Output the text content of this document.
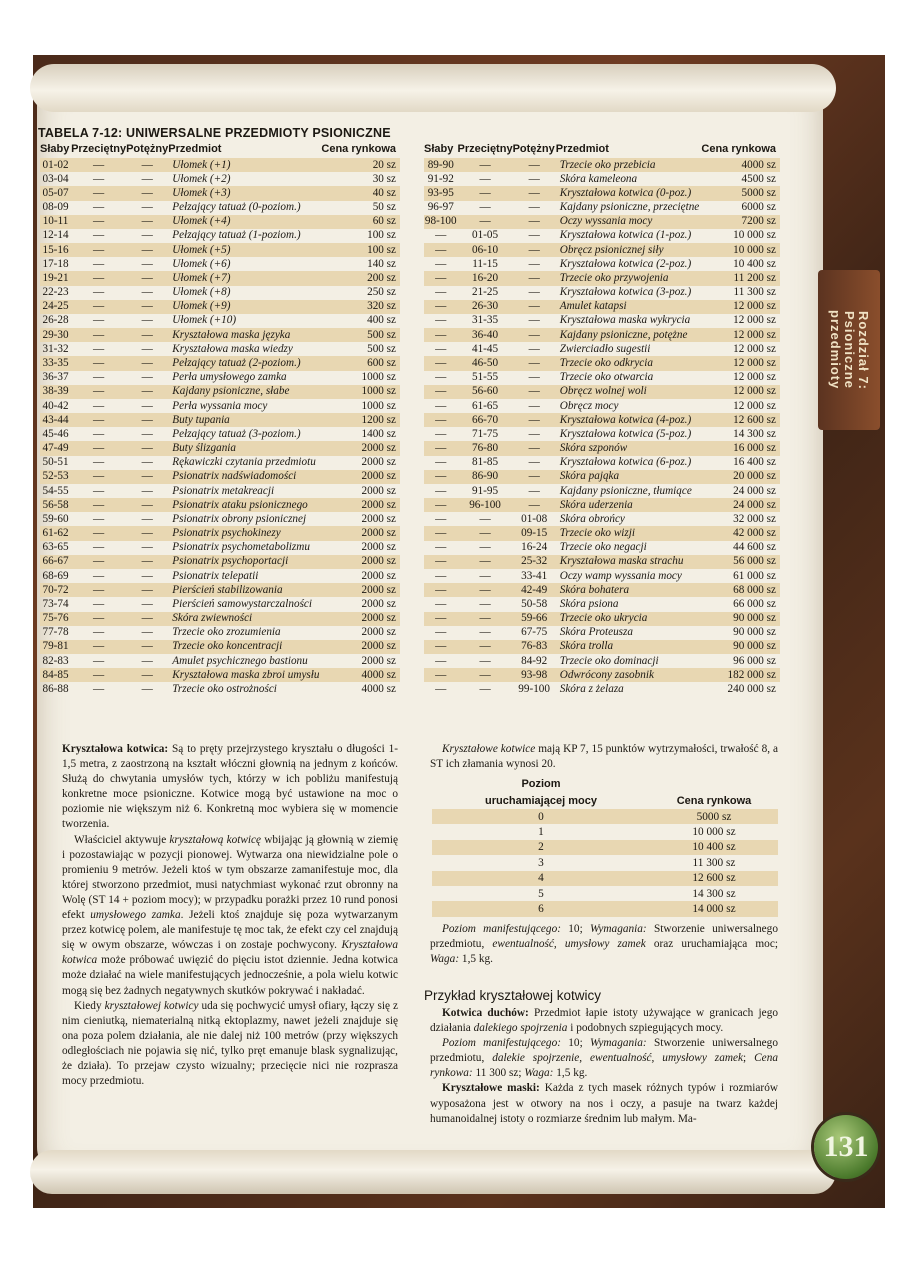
Rozdział 7: Psioniczne przedmioty
131
TABELA 7-12: UNIWERSALNE PRZEDMIOTY PSIONICZNE
Słaby	Przeciętny	Potężny	Przedmiot	Cena rynkowa
01-02	—	—	Ułomek (+1)	20 sz
03-04	—	—	Ułomek (+2)	30 sz
05-07	—	—	Ułomek (+3)	40 sz
08-09	—	—	Pełzający tatuaż (0-poziom.)	50 sz
10-11	—	—	Ułomek (+4)	60 sz
12-14	—	—	Pełzający tatuaż (1-poziom.)	100 sz
15-16	—	—	Ułomek (+5)	100 sz
17-18	—	—	Ułomek (+6)	140 sz
19-21	—	—	Ułomek (+7)	200 sz
22-23	—	—	Ułomek (+8)	250 sz
24-25	—	—	Ułomek (+9)	320 sz
26-28	—	—	Ułomek (+10)	400 sz
29-30	—	—	Kryształowa maska języka	500 sz
31-32	—	—	Kryształowa maska wiedzy	500 sz
33-35	—	—	Pełzający tatuaż (2-poziom.)	600 sz
36-37	—	—	Perła umysłowego zamka	1000 sz
38-39	—	—	Kajdany psioniczne, słabe	1000 sz
40-42	—	—	Perła wyssania mocy	1000 sz
43-44	—	—	Buty tupania	1200 sz
45-46	—	—	Pełzający tatuaż (3-poziom.)	1400 sz
47-49	—	—	Buty ślizgania	2000 sz
50-51	—	—	Rękawiczki czytania przedmiotu	2000 sz
52-53	—	—	Psionatrix nadświadomości	2000 sz
54-55	—	—	Psionatrix metakreacji	2000 sz
56-58	—	—	Psionatrix ataku psionicznego	2000 sz
59-60	—	—	Psionatrix obrony psionicznej	2000 sz
61-62	—	—	Psionatrix psychokinezy	2000 sz
63-65	—	—	Psionatrix psychometabolizmu	2000 sz
66-67	—	—	Psionatrix psychoportacji	2000 sz
68-69	—	—	Psionatrix telepatii	2000 sz
70-72	—	—	Pierścień stabilizowania	2000 sz
73-74	—	—	Pierścień samowystarczalności	2000 sz
75-76	—	—	Skóra zwiewności	2000 sz
77-78	—	—	Trzecie oko zrozumienia	2000 sz
79-81	—	—	Trzecie oko koncentracji	2000 sz
82-83	—	—	Amulet psychicznego bastionu	2000 sz
84-85	—	—	Kryształowa maska zbroi umysłu	4000 sz
86-88	—	—	Trzecie oko ostrożności	4000 sz
Słaby	Przeciętny	Potężny	Przedmiot	Cena rynkowa
89-90	—	—	Trzecie oko przebicia	4000 sz
91-92	—	—	Skóra kameleona	4500 sz
93-95	—	—	Kryształowa kotwica (0-poz.)	5000 sz
96-97	—	—	Kajdany psioniczne, przeciętne	6000 sz
98-100	—	—	Oczy wyssania mocy	7200 sz
—	01-05	—	Kryształowa kotwica (1-poz.)	10 000 sz
—	06-10	—	Obręcz psionicznej siły	10 000 sz
—	11-15	—	Kryształowa kotwica (2-poz.)	10 400 sz
—	16-20	—	Trzecie oko przywojenia	11 200 sz
—	21-25	—	Kryształowa kotwica (3-poz.)	11 300 sz
—	26-30	—	Amulet katapsi	12 000 sz
—	31-35	—	Kryształowa maska wykrycia	12 000 sz
—	36-40	—	Kajdany psioniczne, potężne	12 000 sz
—	41-45	—	Zwierciadło sugestii	12 000 sz
—	46-50	—	Trzecie oko odkrycia	12 000 sz
—	51-55	—	Trzecie oko otwarcia	12 000 sz
—	56-60	—	Obręcz wolnej woli	12 000 sz
—	61-65	—	Obręcz mocy	12 000 sz
—	66-70	—	Kryształowa kotwica (4-poz.)	12 600 sz
—	71-75	—	Kryształowa kotwica (5-poz.)	14 300 sz
—	76-80	—	Skóra szponów	16 000 sz
—	81-85	—	Kryształowa kotwica (6-poz.)	16 400 sz
—	86-90	—	Skóra pająka	20 000 sz
—	91-95	—	Kajdany psioniczne, tłumiące	24 000 sz
—	96-100	—	Skóra uderzenia	24 000 sz
—	—	01-08	Skóra obrońcy	32 000 sz
—	—	09-15	Trzecie oko wizji	42 000 sz
—	—	16-24	Trzecie oko negacji	44 600 sz
—	—	25-32	Kryształowa maska strachu	56 000 sz
—	—	33-41	Oczy wamp wyssania mocy	61 000 sz
—	—	42-49	Skóra bohatera	68 000 sz
—	—	50-58	Skóra psiona	66 000 sz
—	—	59-66	Trzecie oko ukrycia	90 000 sz
—	—	67-75	Skóra Proteusza	90 000 sz
—	—	76-83	Skóra trolla	90 000 sz
—	—	84-92	Trzecie oko dominacji	96 000 sz
—	—	93-98	Odwrócony zasobnik	182 000 sz
—	—	99-100	Skóra z żelaza	240 000 sz

Kryształowa kotwica: Są to pręty przejrzystego kryształu o długości 1-1,5 metra, z zaostrzoną na kształt włóczni głownią na jednym z końców. Służą do chwytania umysłów tych, którzy w ich pobliżu manifestują konkretne moce psioniczne. Kotwice mogą być ustawione na moc o poziomie nie większym niż 6. Konkretną moc wybiera się w momencie tworzenia.

Właściciel aktywuje kryształową kotwicę wbijając ją głownią w ziemię i pozostawiając w pozycji pionowej. Wytwarza ona niewidzialne pole o promieniu 9 metrów. Jeżeli ktoś w tym obszarze zamanifestuje moc, dla której stworzono przedmiot, musi natychmiast wykonać rzut obronny na Wolę (ST 14 + poziom mocy); w przypadku porażki przez 10 rund ponosi efekt umysłowego zamka. Jeżeli ktoś znajduje się poza wytwarzanym przez kotwicę polem, ale manifestuje tę moc tak, że efekt czy cel znajdują się w owym obszarze, wówczas i on zostaje pochwycony. Kryształowa kotwica może próbować uwięzić do pięciu istot dziennie. Jedna kotwica może działać na wiele manifestujących jednocześnie, a pola wielu kotwic mogą się bez żadnych negatywnych skutków pokrywać i nakładać.

Kiedy kryształowej kotwicy uda się pochwycić umysł ofiary, łączy się z nim cieniutką, niematerialną nitką ektoplazmy, nawet jeżeli znajduje się ona poza polem działania, ale nie dalej niż 100 metrów (przy większych odległościach nie pojawia się nić, tylko pręt emanuje blask sygnalizując, że działa). To przejaw czysto wizualny; przecięcie nici nie rozprasza mocy przedmiotu.

Kryształowe kotwice mają KP 7, 15 punktów wytrzymałości, trwałość 8, a ST ich złamania wynosi 20.

Poziom	
uruchamiającej mocy	Cena rynkowa
0	5000 sz
1	10 000 sz
2	10 400 sz
3	11 300 sz
4	12 600 sz
5	14 300 sz
6	14 000 sz

Poziom manifestującego: 10; Wymagania: Stworzenie uniwersalnego przedmiotu, ewentualność, umysłowy zamek oraz uruchamiająca moc; Waga: 1,5 kg.

Przykład kryształowej kotwicy

Kotwica duchów: Przedmiot łapie istoty używające w granicach jego działania dalekiego spojrzenia i podobnych szpiegujących mocy.

Poziom manifestującego: 10; Wymagania: Stworzenie uniwersalnego przedmiotu, dalekie spojrzenie, ewentualność, umysłowy zamek; Cena rynkowa: 11 300 sz; Waga: 1,5 kg.

Kryształowe maski: Każda z tych masek różnych typów i rozmiarów wyposażona jest w otwory na nos i oczy, a pasuje na twarz każdej humanoidalnej istoty o rozmiarze średnim lub małym. Ma-
